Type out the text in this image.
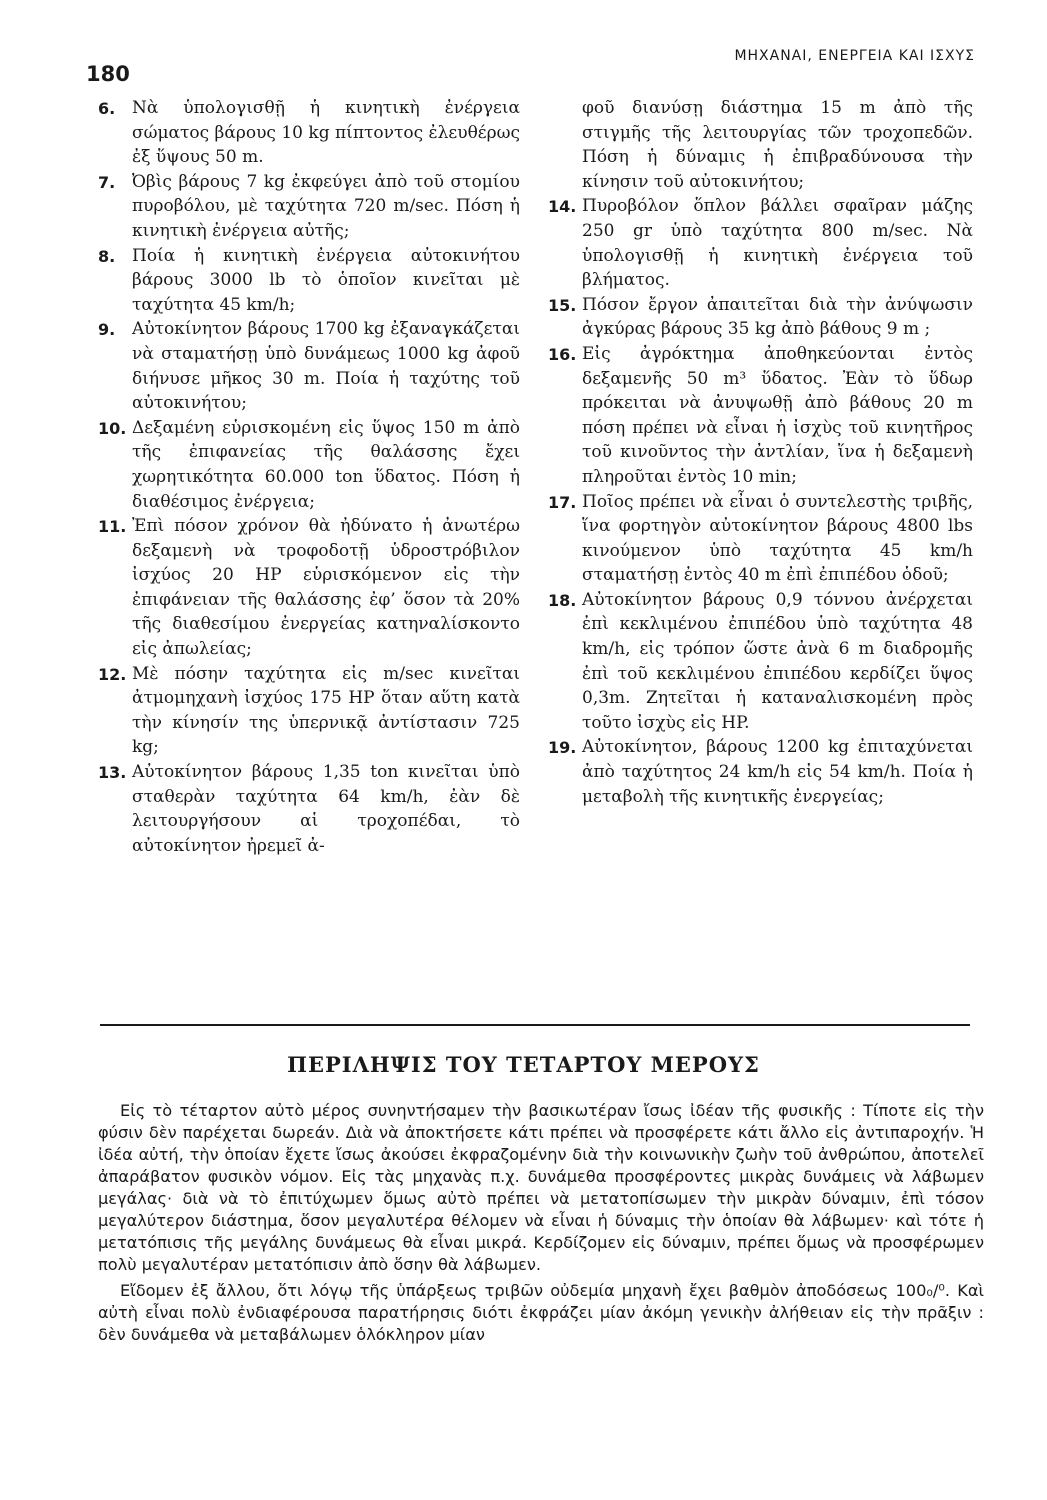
180
ΜΗΧΑΝΑΙ, ΕΝΕΡΓΕΙΑ ΚΑΙ ΙΣΧΥΣ
6. Νὰ ὑπολογισθῇ ἡ κινητικὴ ἐνέργεια σώματος βάρους 10 kg πίπτοντος ἐλευθέρως ἐξ ὕψους 50 m.
7. Ὀβὶς βάρους 7 kg ἐκφεύγει ἀπὸ τοῦ στομίου πυροβόλου, μὲ ταχύτητα 720 m/sec. Πόση ἡ κινητικὴ ἐνέργεια αὐτῆς;
8. Ποία ἡ κινητικὴ ἐνέργεια αὐτοκινήτου βάρους 3000 lb τὸ ὁποῖον κινεῖται μὲ ταχύτητα 45 km/h;
9. Αὐτοκίνητον βάρους 1700 kg ἐξαναγκάζεται νὰ σταματήσῃ ὑπὸ δυνάμεως 1000 kg ἀφοῦ διήνυσε μῆκος 30 m. Ποία ἡ ταχύτης τοῦ αὐτοκινήτου;
10. Δεξαμένη εὑρισκομένη εἰς ὕψος 150 m ἀπὸ τῆς ἐπιφανείας τῆς θαλάσσης ἔχει χωρητικότητα 60.000 ton ὕδατος. Πόση ἡ διαθέσιμος ἐνέργεια;
11. Ἐπὶ πόσον χρόνον θὰ ἠδύνατο ἡ ἀνωτέρω δεξαμενὴ νὰ τροφοδοτῇ ὑδροστρόβιλον ἰσχύος 20 HP εὑρισκόμενον εἰς τὴν ἐπιφάνειαν τῆς θαλάσσης ἐφ’ ὅσον τὰ 20% τῆς διαθεσίμου ἐνεργείας κατηναλίσκοντο εἰς ἀπωλείας;
12. Μὲ πόσην ταχύτητα εἰς m/sec κινεῖται ἀτμομηχανὴ ἰσχύος 175 HP ὅταν αὕτη κατὰ τὴν κίνησίν της ὑπερνικᾷ ἀντίστασιν 725 kg;
13. Αὐτοκίνητον βάρους 1,35 ton κινεῖται ὑπὸ σταθερὰν ταχύτητα 64 km/h, ἐὰν δὲ λειτουργήσουν αἱ τροχοπέδαι, τὸ αὐτοκίνητον ἠρεμεῖ ἀ-
φοῦ διανύσῃ διάστημα 15 m ἀπὸ τῆς στιγμῆς τῆς λειτουργίας τῶν τροχοπεδῶν. Πόση ἡ δύναμις ἡ ἐπιβραδύνουσα τὴν κίνησιν τοῦ αὐτοκινήτου;
14. Πυροβόλον ὅπλον βάλλει σφαῖραν μάζης 250 gr ὑπὸ ταχύτητα 800 m/sec. Νὰ ὑπολογισθῇ ἡ κινητικὴ ἐνέργεια τοῦ βλήματος.
15. Πόσον ἔργον ἀπαιτεῖται διὰ τὴν ἀνύψωσιν ἀγκύρας βάρους 35 kg ἀπὸ βάθους 9 m ;
16. Εἰς ἀγρόκτημα ἀποθηκεύονται ἐντὸς δεξαμενῆς 50 m³ ὕδατος. Ἐὰν τὸ ὕδωρ πρόκειται νὰ ἀνυψωθῇ ἀπὸ βάθους 20 m πόση πρέπει νὰ εἶναι ἡ ἰσχὺς τοῦ κινητῆρος τοῦ κινοῦντος τὴν ἀντλίαν, ἵνα ἡ δεξαμενὴ πληροῦται ἐντὸς 10 min;
17. Ποῖος πρέπει νὰ εἶναι ὁ συντελεστὴς τριβῆς, ἵνα φορτηγὸν αὐτοκίνητον βάρους 4800 lbs κινούμενον ὑπὸ ταχύτητα 45 km/h σταματήσῃ ἐντὸς 40 m ἐπὶ ἐπιπέδου ὁδοῦ;
18. Αὐτοκίνητον βάρους 0,9 τόννου ἀνέρχεται ἐπὶ κεκλιμένου ἐπιπέδου ὑπὸ ταχύτητα 48 km/h, εἰς τρόπον ὥστε ἀνὰ 6 m διαδρομῆς ἐπὶ τοῦ κεκλιμένου ἐπιπέδου κερδίζει ὕψος 0,3m. Ζητεῖται ἡ καταναλισκομένη πρὸς τοῦτο ἰσχὺς εἰς HP.
19. Αὐτοκίνητον, βάρους 1200 kg ἐπιταχύνεται ἀπὸ ταχύτητος 24 km/h εἰς 54 km/h. Ποία ἡ μεταβολὴ τῆς κινητικῆς ἐνεργείας;
ΠΕΡΙΛΗΨΙΣ ΤΟΥ ΤΕΤΑΡΤΟΥ ΜΕΡΟΥΣ

Εἰς τὸ τέταρτον αὐτὸ μέρος συνηντήσαμεν τὴν βασικωτέραν ἴσως ἰδέαν τῆς φυσικῆς : Τίποτε εἰς τὴν φύσιν δὲν παρέχεται δωρεάν. Διὰ νὰ ἀποκτήσετε κάτι πρέπει νὰ προσφέρετε κάτι ἄλλο εἰς ἀντιπαροχήν. Ἡ ἰδέα αὐτή, τὴν ὁποίαν ἔχετε ἴσως ἀκούσει ἐκφραζομένην διὰ τὴν κοινωνικὴν ζωὴν τοῦ ἀνθρώπου, ἀποτελεῖ ἀπαράβατον φυσικὸν νόμον. Εἰς τὰς μηχανὰς π.χ. δυνάμεθα προσφέροντες μικρὰς δυνάμεις νὰ λάβωμεν μεγάλας· διὰ νὰ τὸ ἐπιτύχωμεν ὅμως αὐτὸ πρέπει νὰ μετατοπίσωμεν τὴν μικρὰν δύναμιν, ἐπὶ τόσον μεγαλύτερον διάστημα, ὅσον μεγαλυτέρα θέλομεν νὰ εἶναι ἡ δύναμις τὴν ὁποίαν θὰ λάβωμεν· καὶ τότε ἡ μετατόπισις τῆς μεγάλης δυνάμεως θὰ εἶναι μικρά. Κερδίζομεν εἰς δύναμιν, πρέπει ὅμως νὰ προσφέρωμεν πολὺ μεγαλυτέραν μετατόπισιν ἀπὸ ὅσην θὰ λάβωμεν.

Εἴδομεν ἐξ ἄλλου, ὅτι λόγῳ τῆς ὑπάρξεως τριβῶν οὐδεμία μηχανὴ ἔχει βαθμὸν ἀποδόσεως 100₀/⁰. Καὶ αὐτὴ εἶναι πολὺ ἐνδιαφέρουσα παρατήρησις διότι ἐκφράζει μίαν ἀκόμη γενικὴν ἀλήθειαν εἰς τὴν πρᾶξιν : δὲν δυνάμεθα νὰ μεταβάλωμεν ὁλόκληρον μίαν
